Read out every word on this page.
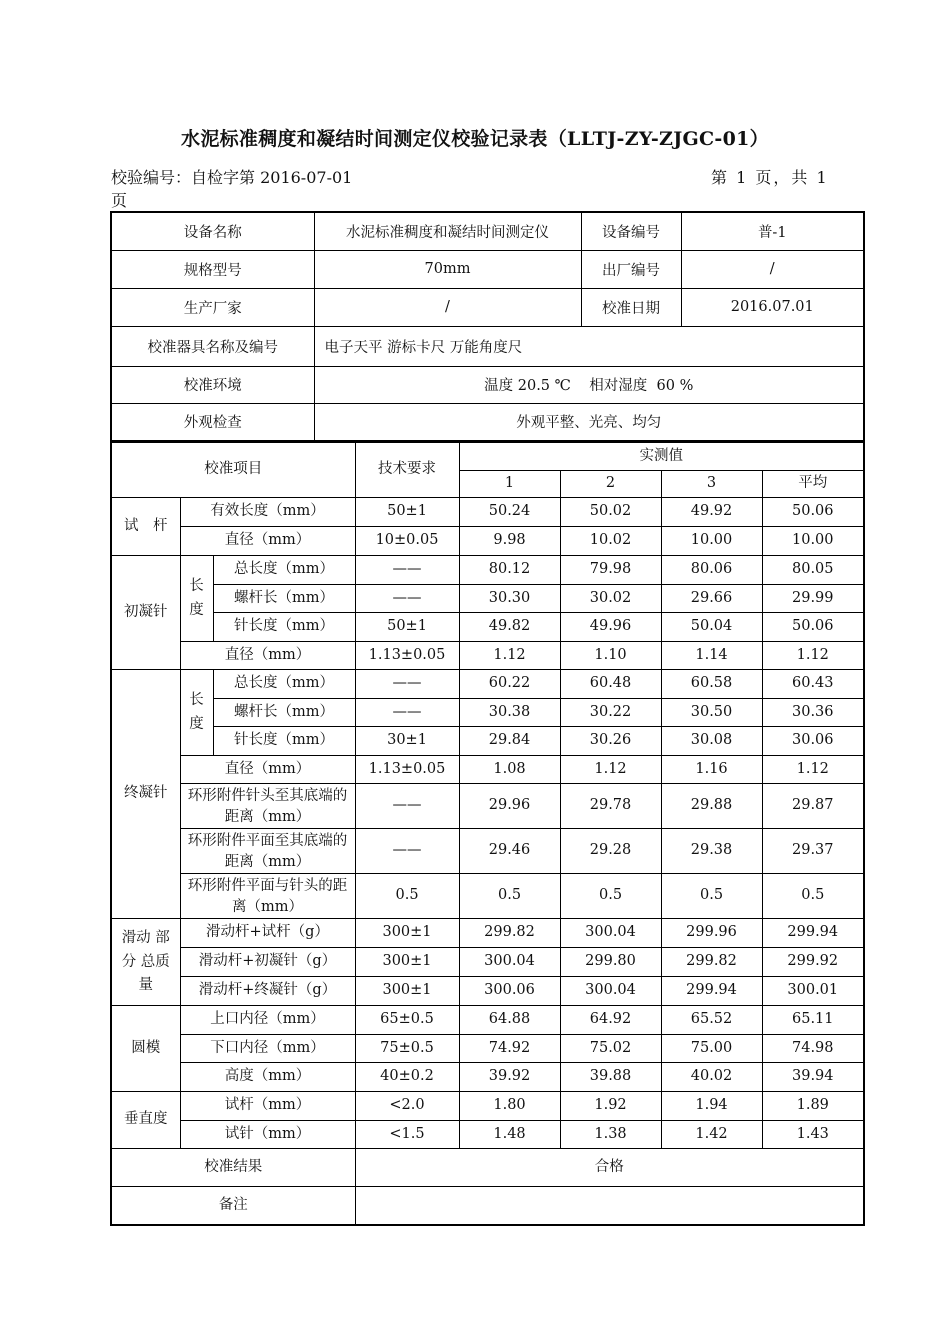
水泥标准稠度和凝结时间测定仪校验记录表（LLTJ-ZY-ZJGC-01）
校验编号：自检字第 2016-07-01	第 1 页，共 1
页
设备名称	水泥标准稠度和凝结时间测定仪	设备编号	普-1
规格型号	70mm	出厂编号	/
生产厂家	/	校准日期	2016.07.01
校准器具名称及编号	电子天平 游标卡尺 万能角度尺		
校准环境	温度 20.5 ℃    相对湿度  60 %		
外观检查	外观平整、光亮、均匀		
校准项目			技术要求	实测值			
				1	2	3	平均
试　杆	有效长度（mm）		50±1	50.24	50.02	49.92	50.06
	直径（mm）		10±0.05	9.98	10.02	10.00	10.00
初凝针	长　度	总长度（mm）	——	80.12	79.98	80.06	80.05
		螺杆长（mm）	——	30.30	30.02	29.66	29.99
		针长度（mm）	50±1	49.82	49.96	50.04	50.06
	直径（mm）		1.13±0.05	1.12	1.10	1.14	1.12
终凝针	长　度	总长度（mm）	——	60.22	60.48	60.58	60.43
		螺杆长（mm）	——	30.38	30.22	30.50	30.36
		针长度（mm）	30±1	29.84	30.26	30.08	30.06
	直径（mm）		1.13±0.05	1.08	1.12	1.16	1.12
	环形附件针头至其底端的距离（mm）		——	29.96	29.78	29.88	29.87
	环形附件平面至其底端的距离（mm）		——	29.46	29.28	29.38	29.37
	环形附件平面与针头的距离（mm）		0.5	0.5	0.5	0.5	0.5
滑动 部分 总质量	滑动杆+试杆（g）		300±1	299.82	300.04	299.96	299.94
	滑动杆+初凝针（g）		300±1	300.04	299.80	299.82	299.92
	滑动杆+终凝针（g）		300±1	300.06	300.04	299.94	300.01
圆模	上口内径（mm）		65±0.5	64.88	64.92	65.52	65.11
	下口内径（mm）		75±0.5	74.92	75.02	75.00	74.98
	高度（mm）		40±0.2	39.92	39.88	40.02	39.94
垂直度	试杆（mm）		<2.0	1.80	1.92	1.94	1.89
	试针（mm）		<1.5	1.48	1.38	1.42	1.43
校准结果			合格				
备注							
